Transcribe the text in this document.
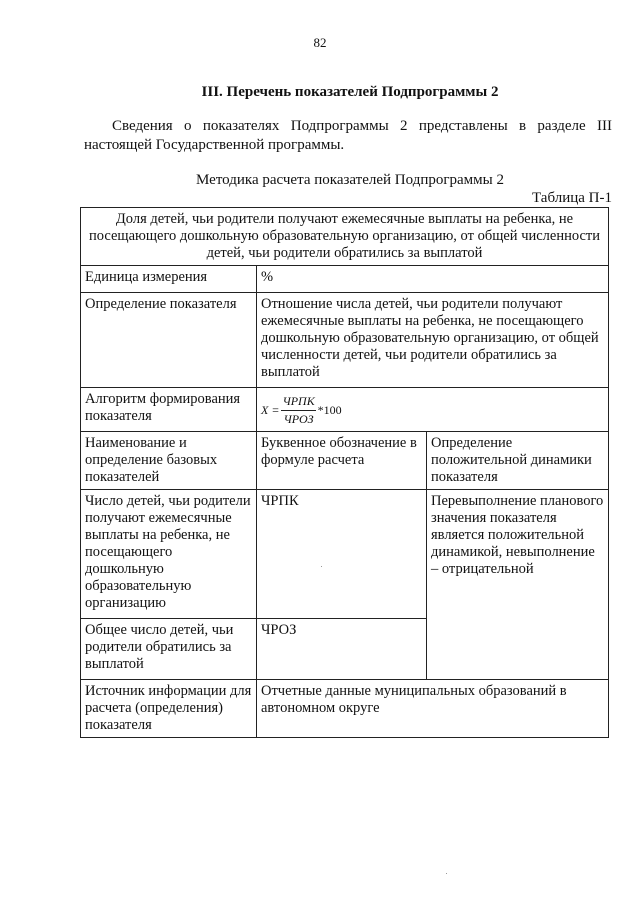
82
III. Перечень показателей Подпрограммы 2
Сведения о показателях Подпрограммы 2 представлены в разделе III настоящей Государственной программы.
Методика расчета показателей Подпрограммы 2
Таблица П-1
Доля детей, чьи родители получают ежемесячные выплаты на ребенка, не посещающего дошкольную образовательную организацию, от общей численности детей, чьи родители обратились за выплатой		
Единица измерения	%	
Определение показателя	Отношение числа детей, чьи родители получают ежемесячные выплаты на ребенка, не посещающего дошкольную образовательную организацию, от общей численности детей, чьи родители обратились за выплатой	
Алгоритм формирования показателя	$X = \frac{\text{ЧРПК}}{\text{ЧРОЗ}} *100$	

Наименование и определение базовых показателей	Буквенное обозначение в формуле расчета	Определение положительной динамики показателя
Число детей, чьи родители получают ежемесячные выплаты на ребенка, не посещающего дошкольную образовательную организацию	ЧРПК	Перевыполнение планового значения показателя является положительной динамикой, невыполнение – отрицательной
Общее число детей, чьи родители обратились за выплатой	ЧРОЗ	
Источник информации для расчета (определения) показателя	Отчетные данные муниципальных образований в автономном округе	
